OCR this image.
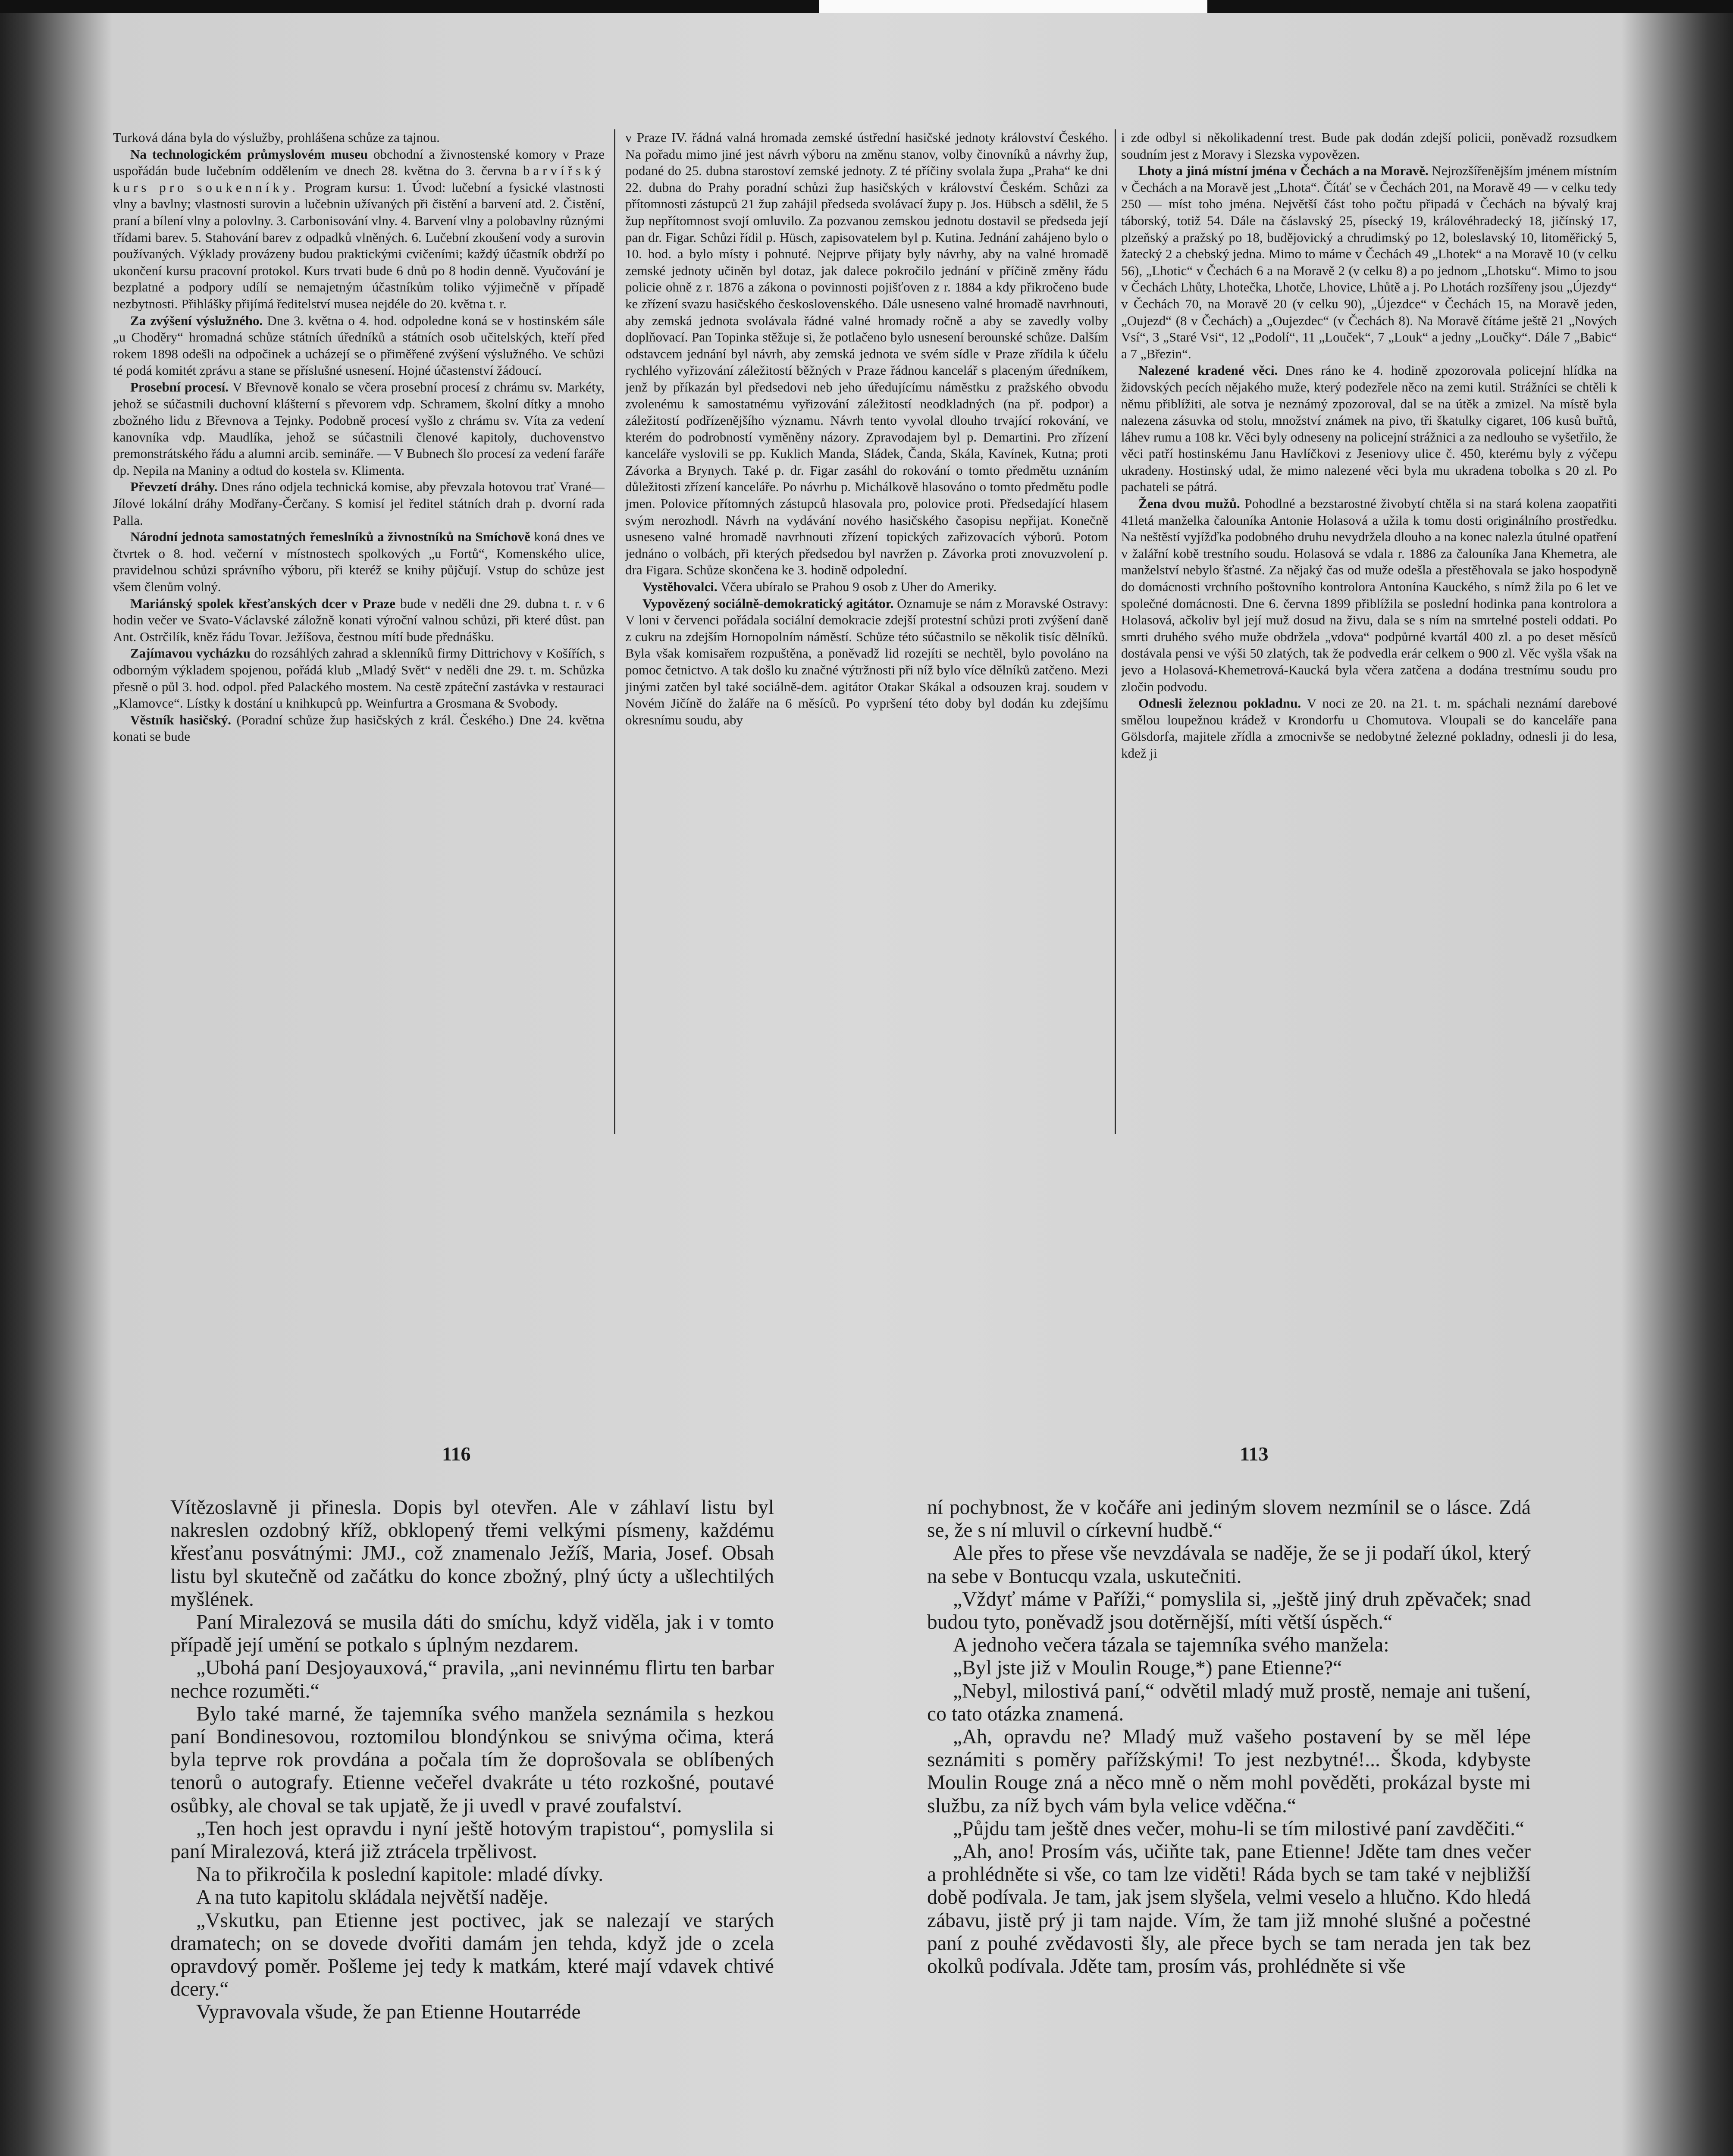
Turková dána byla do výslužby, prohlášena schůze za tajnou.

Na technologickém průmyslovém museu obchodní a živnostenské komory v Praze uspořádán bude lučebním oddělením ve dnech 28. května do 3. června barvířský kurs pro soukenníky. Program kursu: 1. Úvod: lučební a fysické vlastnosti vlny a bavlny; vlastnosti surovin a lučebnin užívaných při čistění a barvení atd. 2. Čistění, praní a bílení vlny a polovlny. 3. Carbonisování vlny. 4. Barvení vlny a polobavlny různými třídami barev. 5. Stahování barev z odpadků vlněných. 6. Lučební zkoušení vody a surovin používaných. Výklady provázeny budou praktickými cvičeními; každý účastník obdrží po ukončení kursu pracovní protokol. Kurs trvati bude 6 dnů po 8 hodin denně. Vyučování je bezplatné a podpory udílí se nemajetným účastníkům toliko výjimečně v případě nezbytnosti. Přihlášky přijímá ředitelství musea nejdéle do 20. května t. r.

Za zvýšení výslužného. Dne 3. května o 4. hod. odpoledne koná se v hostinském sále „u Choděry“ hromadná schůze státních úředníků a státních osob učitelských, kteří před rokem 1898 odešli na odpočinek a ucházejí se o přiměřené zvýšení výslužného. Ve schůzi té podá komitét zprávu a stane se příslušné usnesení. Hojné účastenství žádoucí.

Prosební procesí. V Břevnově konalo se včera prosební procesí z chrámu sv. Markéty, jehož se súčastnili duchovní klášterní s převorem vdp. Schramem, školní dítky a mnoho zbožného lidu z Břevnova a Tejnky. Podobně procesí vyšlo z chrámu sv. Víta za vedení kanovníka vdp. Maudlíka, jehož se súčastnili členové kapitoly, duchovenstvo premonstrátského řádu a alumni arcib. semináře. — V Bubnech šlo procesí za vedení faráře dp. Nepila na Maniny a odtud do kostela sv. Klimenta.

Převzetí dráhy. Dnes ráno odjela technická komise, aby převzala hotovou trať Vrané—Jílové lokální dráhy Modřany-Čerčany. S komisí jel ředitel státních drah p. dvorní rada Palla.

Národní jednota samostatných řemeslníků a živnostníků na Smíchově koná dnes ve čtvrtek o 8. hod. večerní v místnostech spolkových „u Fortů“, Komenského ulice, pravidelnou schůzi správního výboru, při kteréž se knihy půjčují. Vstup do schůze jest všem členům volný.

Mariánský spolek křesťanských dcer v Praze bude v neděli dne 29. dubna t. r. v 6 hodin večer ve Svato-Václavské záložně konati výroční valnou schůzi, při které dûst. pan Ant. Ostrčilík, kněz řádu Tovar. Ježíšova, čestnou mítí bude přednášku.

Zajímavou vycházku do rozsáhlých zahrad a sklenníků firmy Dittrichovy v Košířích, s odborným výkladem spojenou, pořádá klub „Mladý Svět“ v neděli dne 29. t. m. Schůzka přesně o půl 3. hod. odpol. před Palackého mostem. Na cestě zpáteční zastávka v restauraci „Klamovce“. Lístky k dostání u knihkupců pp. Weinfurtra a Grosmana & Svobody.

Věstník hasičský. (Poradní schůze žup hasičských z král. Českého.) Dne 24. května konati se bude

v Praze IV. řádná valná hromada zemské ústřední hasičské jednoty království Českého. Na pořadu mimo jiné jest návrh výboru na změnu stanov, volby činovníků a návrhy žup, podané do 25. dubna starostoví zemské jednoty. Z té příčiny svolala župa „Praha“ ke dni 22. dubna do Prahy poradní schůzi žup hasičských v království Českém. Schůzi za přítomnosti zástupců 21 žup zahájil předseda svolávací župy p. Jos. Hübsch a sdělil, že 5 žup nepřítomnost svojí omluvilo. Za pozvanou zemskou jednotu dostavil se předseda její pan dr. Figar. Schůzi řídil p. Hüsch, zapisovatelem byl p. Kutina. Jednání zahájeno bylo o 10. hod. a bylo místy i pohnuté. Nejprve přijaty byly návrhy, aby na valné hromadě zemské jednoty učiněn byl dotaz, jak dalece pokročilo jednání v příčině změny řádu policie ohně z r. 1876 a zákona o povinnosti pojišťoven z r. 1884 a kdy přikročeno bude ke zřízení svazu hasičského československého. Dále usneseno valné hromadě navrhnouti, aby zemská jednota svolávala řádné valné hromady ročně a aby se zavedly volby doplňovací. Pan Topinka stěžuje si, že potlačeno bylo usnesení berounské schůze. Dalším odstavcem jednání byl návrh, aby zemská jednota ve svém sídle v Praze zřídila k účelu rychlého vyřizování záležitostí běžných v Praze řádnou kancelář s placeným úředníkem, jenž by příkazán byl předsedovi neb jeho úředujícímu náměstku z pražského obvodu zvolenému k samostatnému vyřizování záležitostí neodkladných (na př. podpor) a záležitostí podřízenějšího významu. Návrh tento vyvolal dlouho trvající rokování, ve kterém do podrobností vyměněny názory. Zpravodajem byl p. Demartini. Pro zřízení kanceláře vyslovili se pp. Kuklich Manda, Sládek, Čanda, Skála, Kavínek, Kutna; proti Závorka a Brynych. Také p. dr. Figar zasáhl do rokování o tomto předmětu uznáním důležitosti zřízení kanceláře. Po návrhu p. Michálkově hlasováno o tomto předmětu podle jmen. Polovice přítomných zástupců hlasovala pro, polovice proti. Předsedající hlasem svým nerozhodl. Návrh na vydávání nového hasičského časopisu nepřijat. Konečně usneseno valné hromadě navrhnouti zřízení topických zařizovacích výborů. Potom jednáno o volbách, při kterých předsedou byl navržen p. Závorka proti znovuzvolení p. dra Figara. Schůze skončena ke 3. hodině odpolední.

Vystěhovalci. Včera ubíralo se Prahou 9 osob z Uher do Ameriky.

Vypovězený sociálně-demokratický agitátor. Oznamuje se nám z Moravské Ostravy: V loni v červenci pořádala sociální demokracie zdejší protestní schůzi proti zvýšení daně z cukru na zdejším Hornopolním náměstí. Schůze této súčastnilo se několik tisíc dělníků. Byla však komisařem rozpuštěna, a poněvadž lid rozejíti se nechtěl, bylo povoláno na pomoc četnictvo. A tak došlo ku značné výtržnosti při níž bylo více dělníků zatčeno. Mezi jinými zatčen byl také sociálně-dem. agitátor Otakar Skákal a odsouzen kraj. soudem v Novém Jičíně do žaláře na 6 měsíců. Po vypršení této doby byl dodán ku zdejšímu okresnímu soudu, aby

i zde odbyl si několikadenní trest. Bude pak dodán zdejší policii, poněvadž rozsudkem soudním jest z Moravy i Slezska vypovězen.

Lhoty a jiná místní jména v Čechách a na Moravě. Nejrozšířenějším jménem místním v Čechách a na Moravě jest „Lhota“. Čítáť se v Čechách 201, na Moravě 49 — v celku tedy 250 — míst toho jména. Největší část toho počtu připadá v Čechách na bývalý kraj táborský, totiž 54. Dále na čáslavský 25, písecký 19, královéhradecký 18, jičínský 17, plzeňský a pražský po 18, budějovický a chrudimský po 12, boleslavský 10, litoměřický 5, žatecký 2 a chebský jedna. Mimo to máme v Čechách 49 „Lhotek“ a na Moravě 10 (v celku 56), „Lhotic“ v Čechách 6 a na Moravě 2 (v celku 8) a po jednom „Lhotsku“. Mimo to jsou v Čechách Lhůty, Lhotečka, Lhotče, Lhovice, Lhůtě a j. Po Lhotách rozšířeny jsou „Újezdy“ v Čechách 70, na Moravě 20 (v celku 90), „Újezdce“ v Čechách 15, na Moravě jeden, „Oujezd“ (8 v Čechách) a „Oujezdec“ (v Čechách 8). Na Moravě čítáme ještě 21 „Nových Vsí“, 3 „Staré Vsi“, 12 „Podolí“, 11 „Louček“, 7 „Louk“ a jedny „Loučky“. Dále 7 „Babic“ a 7 „Březin“.

Nalezené kradené věci. Dnes ráno ke 4. hodině zpozorovala policejní hlídka na židovských pecích nějakého muže, který podezřele něco na zemi kutil. Strážníci se chtěli k němu přiblížiti, ale sotva je neznámý zpozoroval, dal se na útěk a zmizel. Na místě byla nalezena zásuvka od stolu, množství známek na pivo, tři škatulky cigaret, 106 kusů buřtů, láhev rumu a 108 kr. Věci byly odneseny na policejní strážnici a za nedlouho se vyšetřilo, že věci patří hostinskému Janu Havlíčkovi z Jeseniovy ulice č. 450, kterému byly z výčepu ukradeny. Hostinský udal, že mimo nalezené věci byla mu ukradena tobolka s 20 zl. Po pachateli se pátrá.

Žena dvou mužů. Pohodlné a bezstarostné živobytí chtěla si na stará kolena zaopatřiti 41letá manželka čalouníka Antonie Holasová a užila k tomu dosti originálního prostředku. Na neštěstí vyjížďka podobného druhu nevydržela dlouho a na konec nalezla útulné opatření v žalářní kobě trestního soudu. Holasová se vdala r. 1886 za čalouníka Jana Khemetra, ale manželství nebylo šťastné. Za nějaký čas od muže odešla a přestěhovala se jako hospodyně do domácnosti vrchního poštovního kontrolora Antonína Kauckého, s nímž žila po 6 let ve společné domácnosti. Dne 6. června 1899 přiblížila se poslední hodinka pana kontrolora a Holasová, ačkoliv byl její muž dosud na živu, dala se s ním na smrtelné posteli oddati. Po smrti druhého svého muže obdržela „vdova“ podpůrné kvartál 400 zl. a po deset měsíců dostávala pensi ve výši 50 zlatých, tak že podvedla erár celkem o 900 zl. Věc vyšla však na jevo a Holasová-Khemetrová-Kaucká byla včera zatčena a dodána trestnímu soudu pro zločin podvodu.

Odnesli železnou pokladnu. V noci ze 20. na 21. t. m. spáchali neznámí darebové smělou loupežnou krádež v Krondorfu u Chomutova. Vloupali se do kanceláře pana Gölsdorfa, majitele zřídla a zmocnivše se nedobytné železné pokladny, odnesli ji do lesa, kdež ji

116	113

Vítězoslavně ji přinesla. Dopis byl otevřen. Ale v záhlaví listu byl nakreslen ozdobný kříž, obklopený třemi velkými písmeny, každému křesťanu posvátnými: JMJ., což znamenalo Ježíš, Maria, Josef. Obsah listu byl skutečně od začátku do konce zbožný, plný úcty a ušlechtilých myšlének.

Paní Miralezová se musila dáti do smíchu, když viděla, jak i v tomto případě její umění se potkalo s úplným nezdarem.

„Ubohá paní Desjoyauxová,“ pravila, „ani nevinnému flirtu ten barbar nechce rozuměti.“

Bylo také marné, že tajemníka svého manžela seznámila s hezkou paní Bondinesovou, roztomilou blondýnkou se snivýma očima, která byla teprve rok provdána a počala tím že doprošovala se oblíbených tenorů o autografy. Etienne večeřel dvakráte u této rozkošné, poutavé osůbky, ale choval se tak upjatě, že ji uvedl v pravé zoufalství.

„Ten hoch jest opravdu i nyní ještě hotovým trapistou“, pomyslila si paní Miralezová, která již ztrácela trpělivost.

Na to přikročila k poslední kapitole: mladé dívky.

A na tuto kapitolu skládala největší naděje.

„Vskutku, pan Etienne jest poctivec, jak se nalezají ve starých dramatech; on se dovede dvořiti damám jen tehda, když jde o zcela opravdový poměr. Pošleme jej tedy k matkám, které mají vdavek chtivé dcery.“

Vypravovala všude, že pan Etienne Houtarréde

ní pochybnost, že v kočáře ani jediným slovem nezmínil se o lásce. Zdá se, že s ní mluvil o církevní hudbě.“

Ale přes to přese vše nevzdávala se naděje, že se ji podaří úkol, který na sebe v Bontucqu vzala, uskutečniti.

„Vždyť máme v Paříži,“ pomyslila si, „ještě jiný druh zpěvaček; snad budou tyto, poněvadž jsou dotěrnější, míti větší úspěch.“

A jednoho večera tázala se tajemníka svého manžela:

„Byl jste již v Moulin Rouge,*) pane Etienne?“

„Nebyl, milostivá paní,“ odvětil mladý muž prostě, nemaje ani tušení, co tato otázka znamená.

„Ah, opravdu ne? Mladý muž vašeho postavení by se měl lépe seznámiti s poměry pařížskými! To jest nezbytné!... Škoda, kdybyste Moulin Rouge zná a něco mně o něm mohl pověděti, prokázal byste mi službu, za níž bych vám byla velice vděčna.“

„Půjdu tam ještě dnes večer, mohu-li se tím milostivé paní zavděčiti.“

„Ah, ano! Prosím vás, učiňte tak, pane Etienne! Jděte tam dnes večer a prohlédněte si vše, co tam lze viděti! Ráda bych se tam také v nejbližší době podívala. Je tam, jak jsem slyšela, velmi veselo a hlučno. Kdo hledá zábavu, jistě prý ji tam najde. Vím, že tam již mnohé slušné a počestné paní z pouhé zvědavosti šly, ale přece bych se tam nerada jen tak bez okolků podívala. Jděte tam, prosím vás, prohlédněte si vše
